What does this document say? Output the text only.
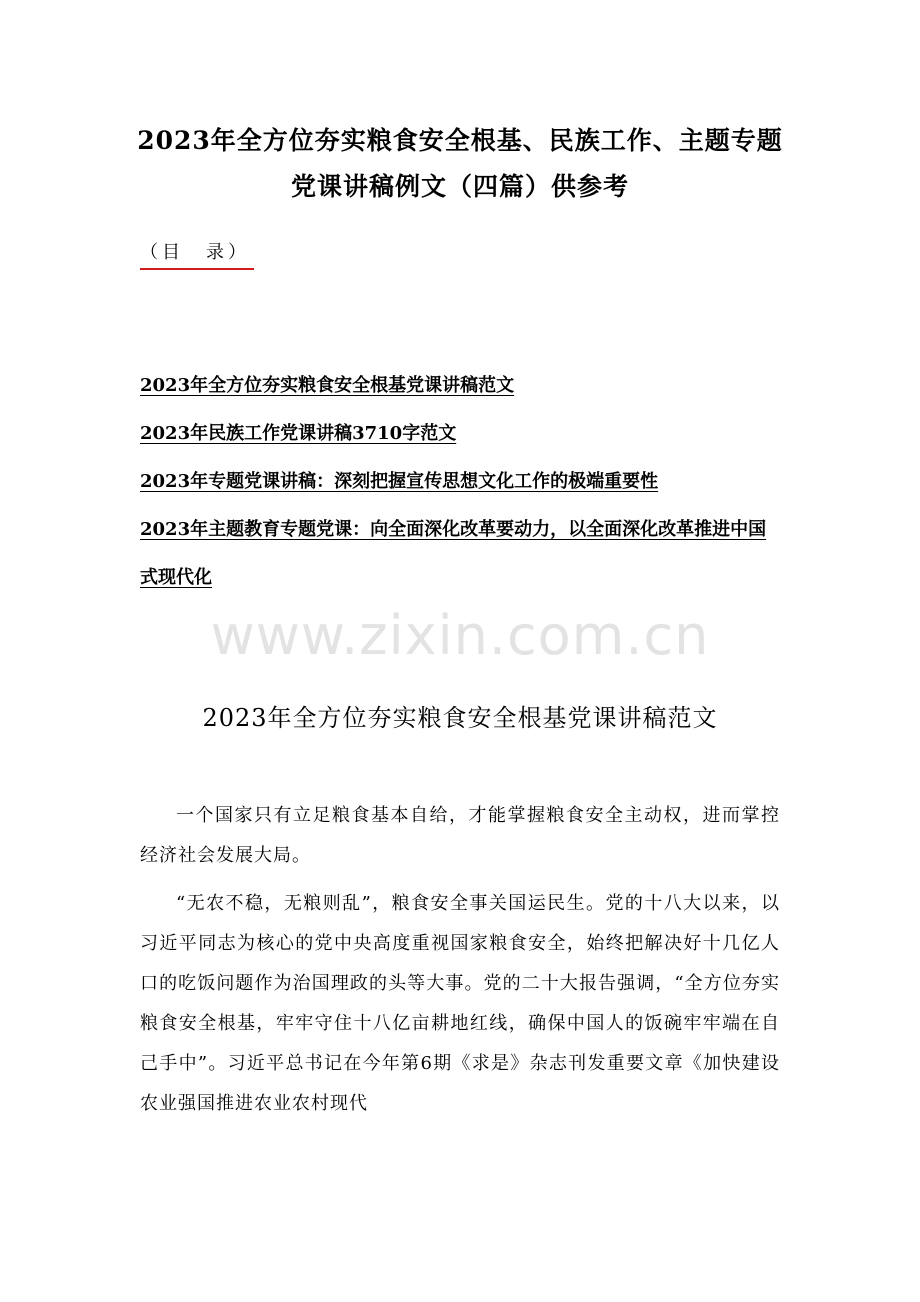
2023年全方位夯实粮食安全根基、民族工作、主题专题党课讲稿例文（四篇）供参考
（目　录）
2023年全方位夯实粮食安全根基党课讲稿范文
2023年民族工作党课讲稿3710字范文
2023年专题党课讲稿：深刻把握宣传思想文化工作的极端重要性
2023年主题教育专题党课：向全面深化改革要动力，以全面深化改革推进中国式现代化
www.zixin.com.cn
2023年全方位夯实粮食安全根基党课讲稿范文

一个国家只有立足粮食基本自给，才能掌握粮食安全主动权，进而掌控经济社会发展大局。

“无农不稳，无粮则乱”，粮食安全事关国运民生。党的十八大以来，以习近平同志为核心的党中央高度重视国家粮食安全，始终把解决好十几亿人口的吃饭问题作为治国理政的头等大事。党的二十大报告强调，“全方位夯实粮食安全根基，牢牢守住十八亿亩耕地红线，确保中国人的饭碗牢牢端在自己手中”。习近平总书记在今年第6期《求是》杂志刊发重要文章《加快建设农业强国推进农业农村现代
